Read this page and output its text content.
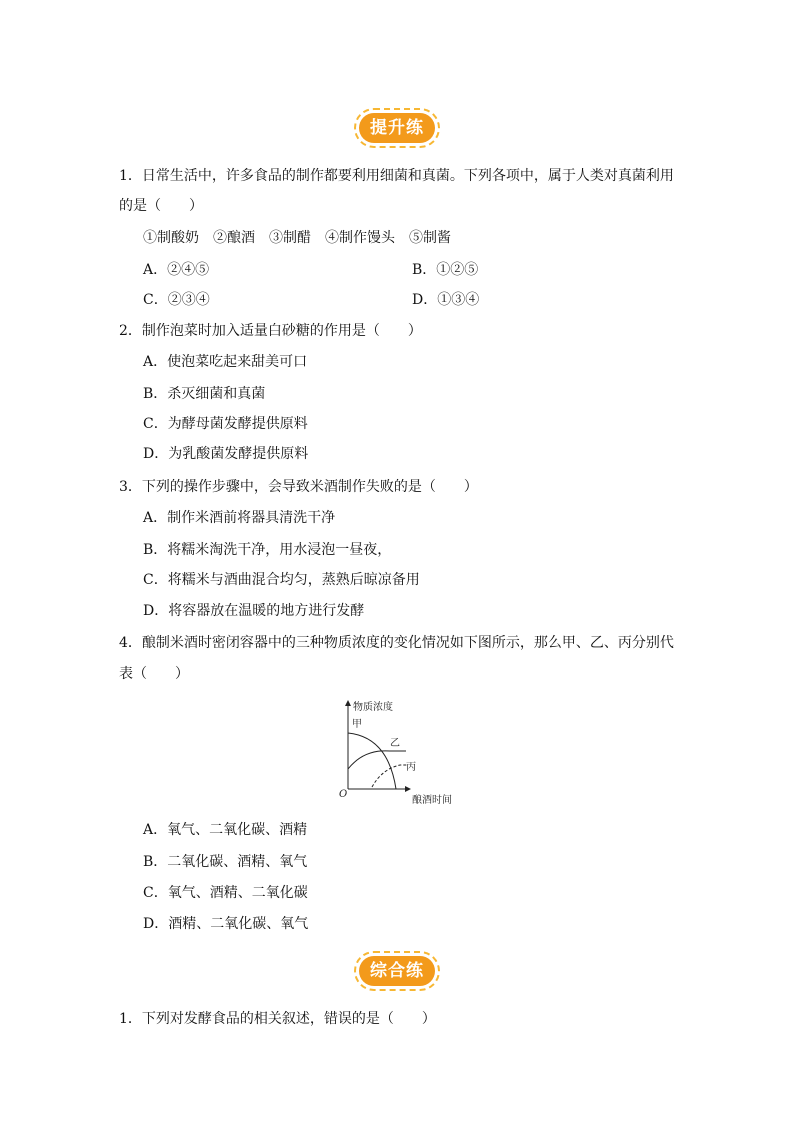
提升练
1．日常生活中，许多食品的制作都要利用细菌和真菌。下列各项中，属于人类对真菌利用
的是（　　）
①制酸奶　②酿酒　③制醋　④制作馒头　⑤制酱
A．②④⑤	B．①②⑤
C．②③④	D．①③④
2．制作泡菜时加入适量白砂糖的作用是（　　）
A．使泡菜吃起来甜美可口
B．杀灭细菌和真菌
C．为酵母菌发酵提供原料
D．为乳酸菌发酵提供原料
3．下列的操作步骤中，会导致米酒制作失败的是（　　）
A．制作米酒前将器具清洗干净
B．将糯米淘洗干净，用水浸泡一昼夜，
C．将糯米与酒曲混合均匀，蒸熟后晾凉备用
D．将容器放在温暖的地方进行发酵
4．酿制米酒时密闭容器中的三种物质浓度的变化情况如下图所示，那么甲、乙、丙分别代
表（　　）
物质浓度
甲
乙
丙
O
酿酒时间
A．氧气、二氧化碳、酒精
B．二氧化碳、酒精、氧气
C．氧气、酒精、二氧化碳
D．酒精、二氧化碳、氧气
综合练
1．下列对发酵食品的相关叙述，错误的是（　　）
